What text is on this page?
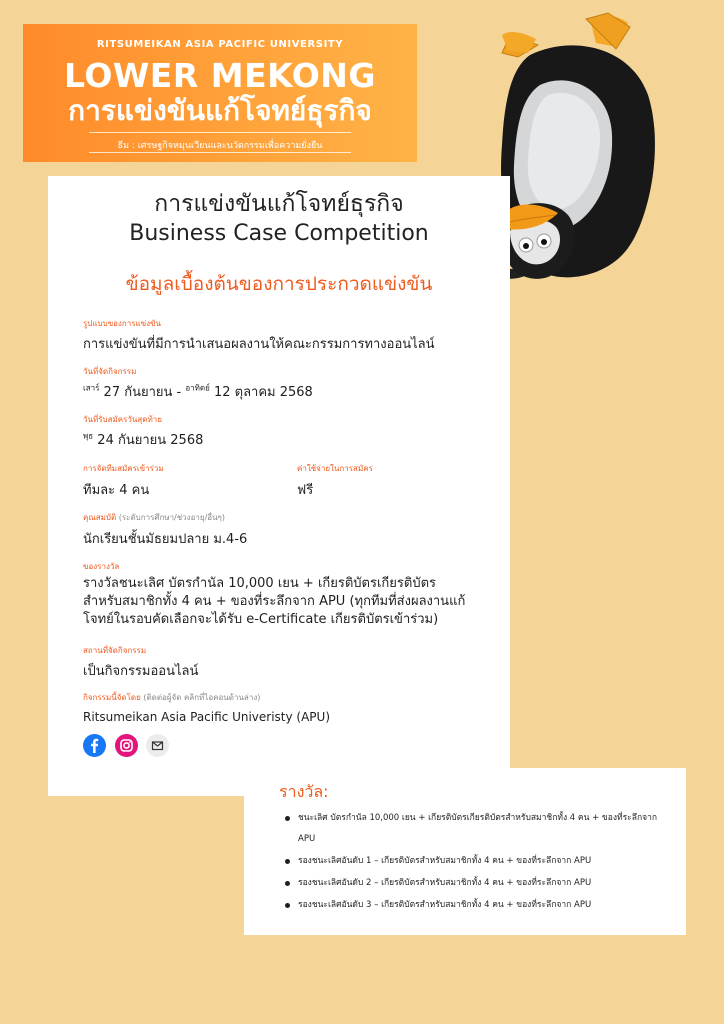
RITSUMEIKAN ASIA PACIFIC UNIVERSITY
LOWER MEKONG
การแข่งขันแก้โจทย์ธุรกิจ
ธีม : เศรษฐกิจหมุนเวียนและนวัตกรรมเพื่อความยั่งยืน
การแข่งขันแก้โจทย์ธุรกิจ
Business Case Competition
ข้อมูลเบื้องต้นของการประกวดแข่งขัน
รูปแบบของการแข่งขัน
การแข่งขันที่มีการนำเสนอผลงานให้คณะกรรมการทางออนไลน์
วันที่จัดกิจกรรม
$^{เสาร์}$ 27 กันยายน - $^{อาทิตย์}$ 12 ตุลาคม 2568
วันที่รับสมัครวันสุดท้าย
$^{พุธ}$ 24 กันยายน 2568
การจัดทีมสมัครเข้าร่วม
ทีมละ 4 คน
ค่าใช้จ่ายในการสมัคร
ฟรี
คุณสมบัติ (ระดับการศึกษา/ช่วงอายุ/อื่นๆ)
นักเรียนชั้นมัธยมปลาย ม.4-6
ของรางวัล
รางวัลชนะเลิศ บัตรกำนัล 10,000 เยน + เกียรติบัตรเกียรติบัตรสำหรับสมาชิกทั้ง 4 คน + ของที่ระลึกจาก APU (ทุกทีมที่ส่งผลงานแก้โจทย์ในรอบคัดเลือกจะได้รับ e-Certificate เกียรติบัตรเข้าร่วม)
สถานที่จัดกิจกรรม
เป็นกิจกรรมออนไลน์
กิจกรรมนี้จัดโดย (ติดต่อผู้จัด คลิกที่ไอคอนด้านล่าง)
Ritsumeikan Asia Pacific Univeristy (APU)
รางวัล:
ชนะเลิศ บัตรกำนัล 10,000 เยน + เกียรติบัตรเกียรติบัตรสำหรับสมาชิกทั้ง 4 คน + ของที่ระลึกจาก APU
รองชนะเลิศอันดับ 1 – เกียรติบัตรสำหรับสมาชิกทั้ง 4 คน + ของที่ระลึกจาก APU
รองชนะเลิศอันดับ 2 – เกียรติบัตรสำหรับสมาชิกทั้ง 4 คน + ของที่ระลึกจาก APU
รองชนะเลิศอันดับ 3 – เกียรติบัตรสำหรับสมาชิกทั้ง 4 คน + ของที่ระลึกจาก APU
